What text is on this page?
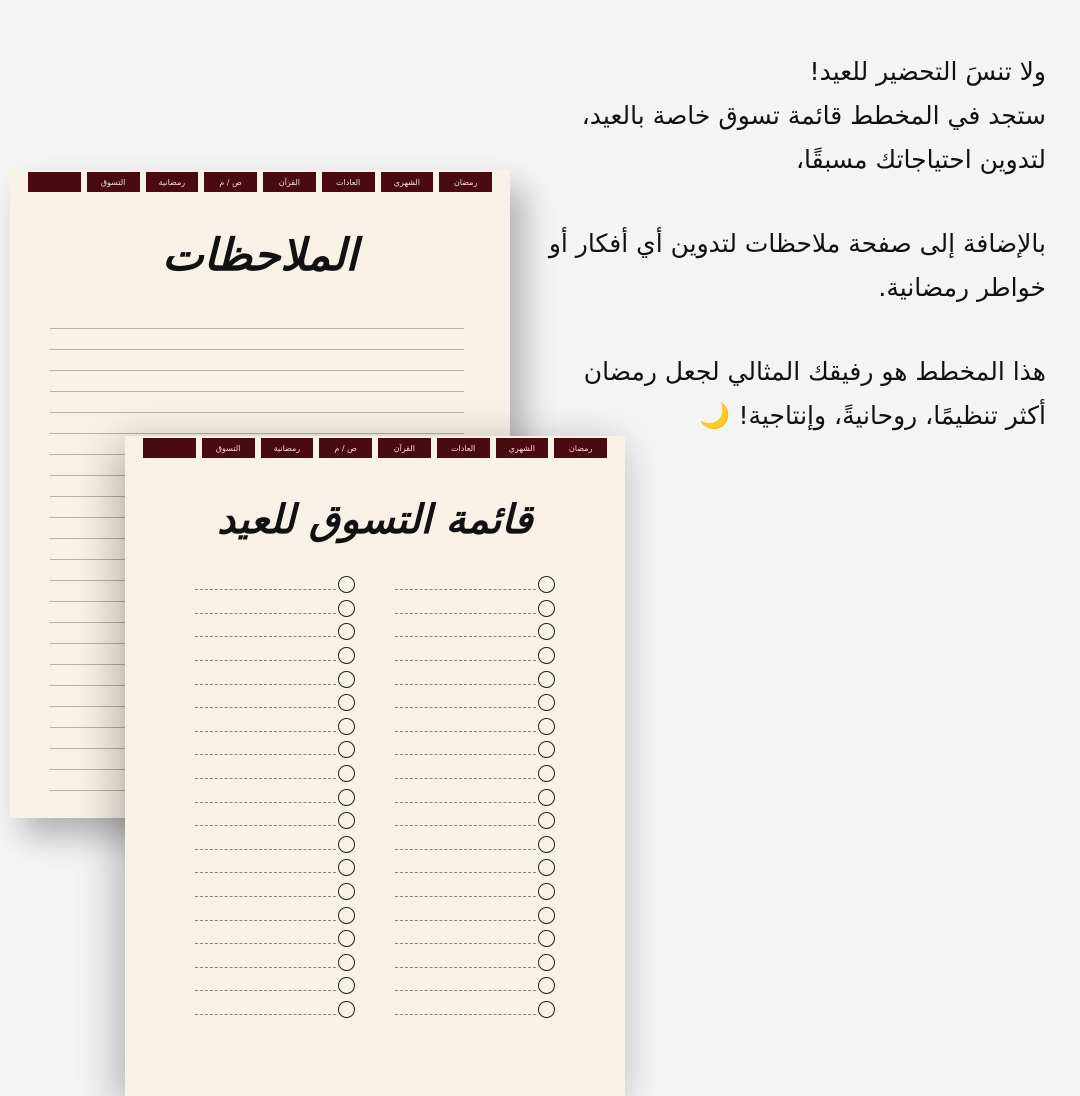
ولا تنسَ التحضير للعيد!
ستجد في المخطط قائمة تسوق خاصة بالعيد،
لتدوين احتياجاتك مسبقًا،

بالإضافة إلى صفحة ملاحظات لتدوين أي أفكار أو
خواطر رمضانية.

هذا المخطط هو رفيقك المثالي لجعل رمضان
أكثر تنظيمًا، روحانيةً، وإنتاجية! 🌙

رمضان
الشهري
العادات
القرآن
ص / م
رمضانية
التسوق
الملاحظات
رمضان
الشهري
العادات
القرآن
ص / م
رمضانية
التسوق
قائمة التسوق للعيد
